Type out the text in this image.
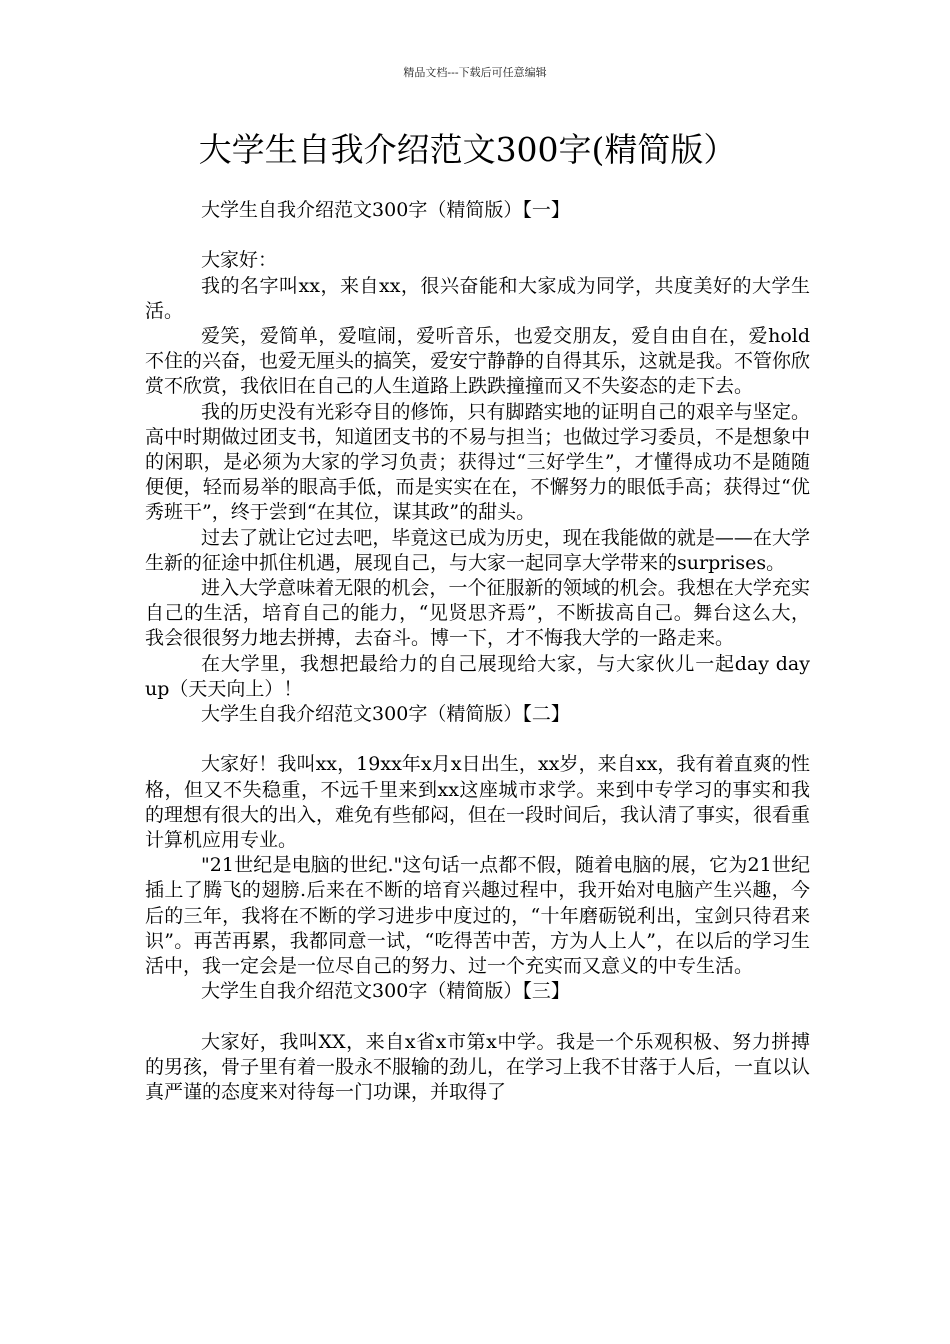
精品文档---下载后可任意编辑
大学生自我介绍范文300字(精简版）

大学生自我介绍范文300字（精简版）【一】

大家好：

我的名字叫xx，来自xx，很兴奋能和大家成为同学，共度美好的大学生活。

爱笑，爱简单，爱喧闹，爱听音乐，也爱交朋友，爱自由自在，爱hold不住的兴奋，也爱无厘头的搞笑，爱安宁静静的自得其乐，这就是我。不管你欣赏不欣赏，我依旧在自己的人生道路上跌跌撞撞而又不失姿态的走下去。

我的历史没有光彩夺目的修饰，只有脚踏实地的证明自己的艰辛与坚定。高中时期做过团支书，知道团支书的不易与担当；也做过学习委员，不是想象中的闲职，是必须为大家的学习负责；获得过“三好学生”，才懂得成功不是随随便便，轻而易举的眼高手低，而是实实在在，不懈努力的眼低手高；获得过“优秀班干”，终于尝到“在其位，谋其政”的甜头。

过去了就让它过去吧，毕竟这已成为历史，现在我能做的就是——在大学生新的征途中抓住机遇，展现自己，与大家一起同享大学带来的surprises。

进入大学意味着无限的机会，一个征服新的领域的机会。我想在大学充实自己的生活，培育自己的能力，“见贤思齐焉”，不断拔高自己。舞台这么大，我会很很努力地去拼搏，去奋斗。博一下，才不悔我大学的一路走来。

在大学里，我想把最给力的自己展现给大家，与大家伙儿一起day day up（天天向上）！

大学生自我介绍范文300字（精简版）【二】

大家好！我叫xx，19xx年x月x日出生，xx岁，来自xx，我有着直爽的性格，但又不失稳重，不远千里来到xx这座城市求学。来到中专学习的事实和我的理想有很大的出入，难免有些郁闷，但在一段时间后，我认清了事实，很看重计算机应用专业。

"21世纪是电脑的世纪."这句话一点都不假，随着电脑的展，它为21世纪插上了腾飞的翅膀.后来在不断的培育兴趣过程中，我开始对电脑产生兴趣，今后的三年，我将在不断的学习进步中度过的，“十年磨砺锐利出，宝剑只待君来识”。再苦再累，我都同意一试，“吃得苦中苦，方为人上人”，在以后的学习生活中，我一定会是一位尽自己的努力、过一个充实而又意义的中专生活。

大学生自我介绍范文300字（精简版）【三】

大家好，我叫XX，来自x省x市第x中学。我是一个乐观积极、努力拼搏的男孩，骨子里有着一股永不服输的劲儿，在学习上我不甘落于人后，一直以认真严谨的态度来对待每一门功课，并取得了
